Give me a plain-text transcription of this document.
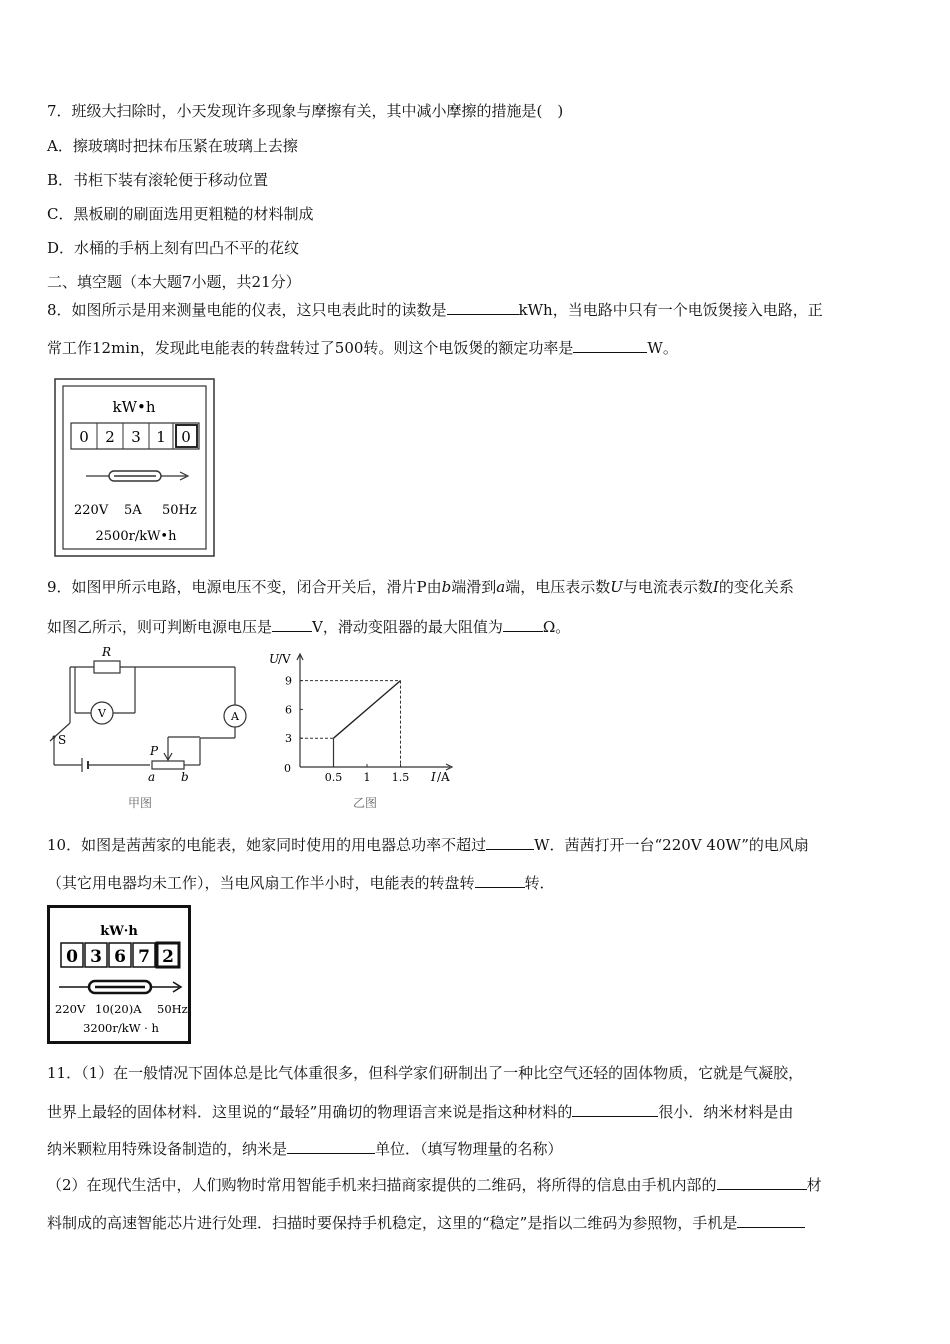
7．班级大扫除时，小天发现许多现象与摩擦有关，其中减小摩擦的措施是(　)
A．擦玻璃时把抹布压紧在玻璃上去擦
B．书柜下装有滚轮便于移动位置
C．黑板刷的刷面选用更粗糙的材料制成
D．水桶的手柄上刻有凹凸不平的花纹
二、填空题（本大题7小题，共21分）
8．如图所示是用来测量电能的仪表，这只电表此时的读数是	kWh，当电路中只有一个电饭煲接入电路，正
常工作12min，发现此电能表的转盘转过了500转。则这个电饭煲的额定功率是	W。
kW•h
0 2 3 1 0
220V 5A 50Hz
2500r/kW•h
9．如图甲所示电路，电源电压不变，闭合开关后，滑片P由b端滑到a端，电压表示数U与电流表示数I的变化关系
如图乙所示，则可判断电源电压是	V，滑动变阻器的最大阻值为	Ω。
R
V	A
S
P
a b
甲图
U
/V
I /A
0
3
6
9
0.5 1 1.5
乙图
10．如图是茜茜家的电能表，她家同时使用的用电器总功率不超过	W．茜茜打开一台“220V 40W”的电风扇
（其它用电器均未工作），当电风扇工作半小时，电能表的转盘转	转．
kW·h
0 3 6 7 2
220V 10(20)A 50Hz
3200r/kW · h
11．（1）在一般情况下固体总是比气体重很多，但科学家们研制出了一种比空气还轻的固体物质，它就是气凝胶，
世界上最轻的固体材料．这里说的“最轻”用确切的物理语言来说是指这种材料的	很小．纳米材料是由
纳米颗粒用特殊设备制造的，纳米是	单位．（填写物理量的名称）
（2）在现代生活中，人们购物时常用智能手机来扫描商家提供的二维码，将所得的信息由手机内部的	材
料制成的高速智能芯片进行处理．扫描时要保持手机稳定，这里的“稳定”是指以二维码为参照物，手机是
